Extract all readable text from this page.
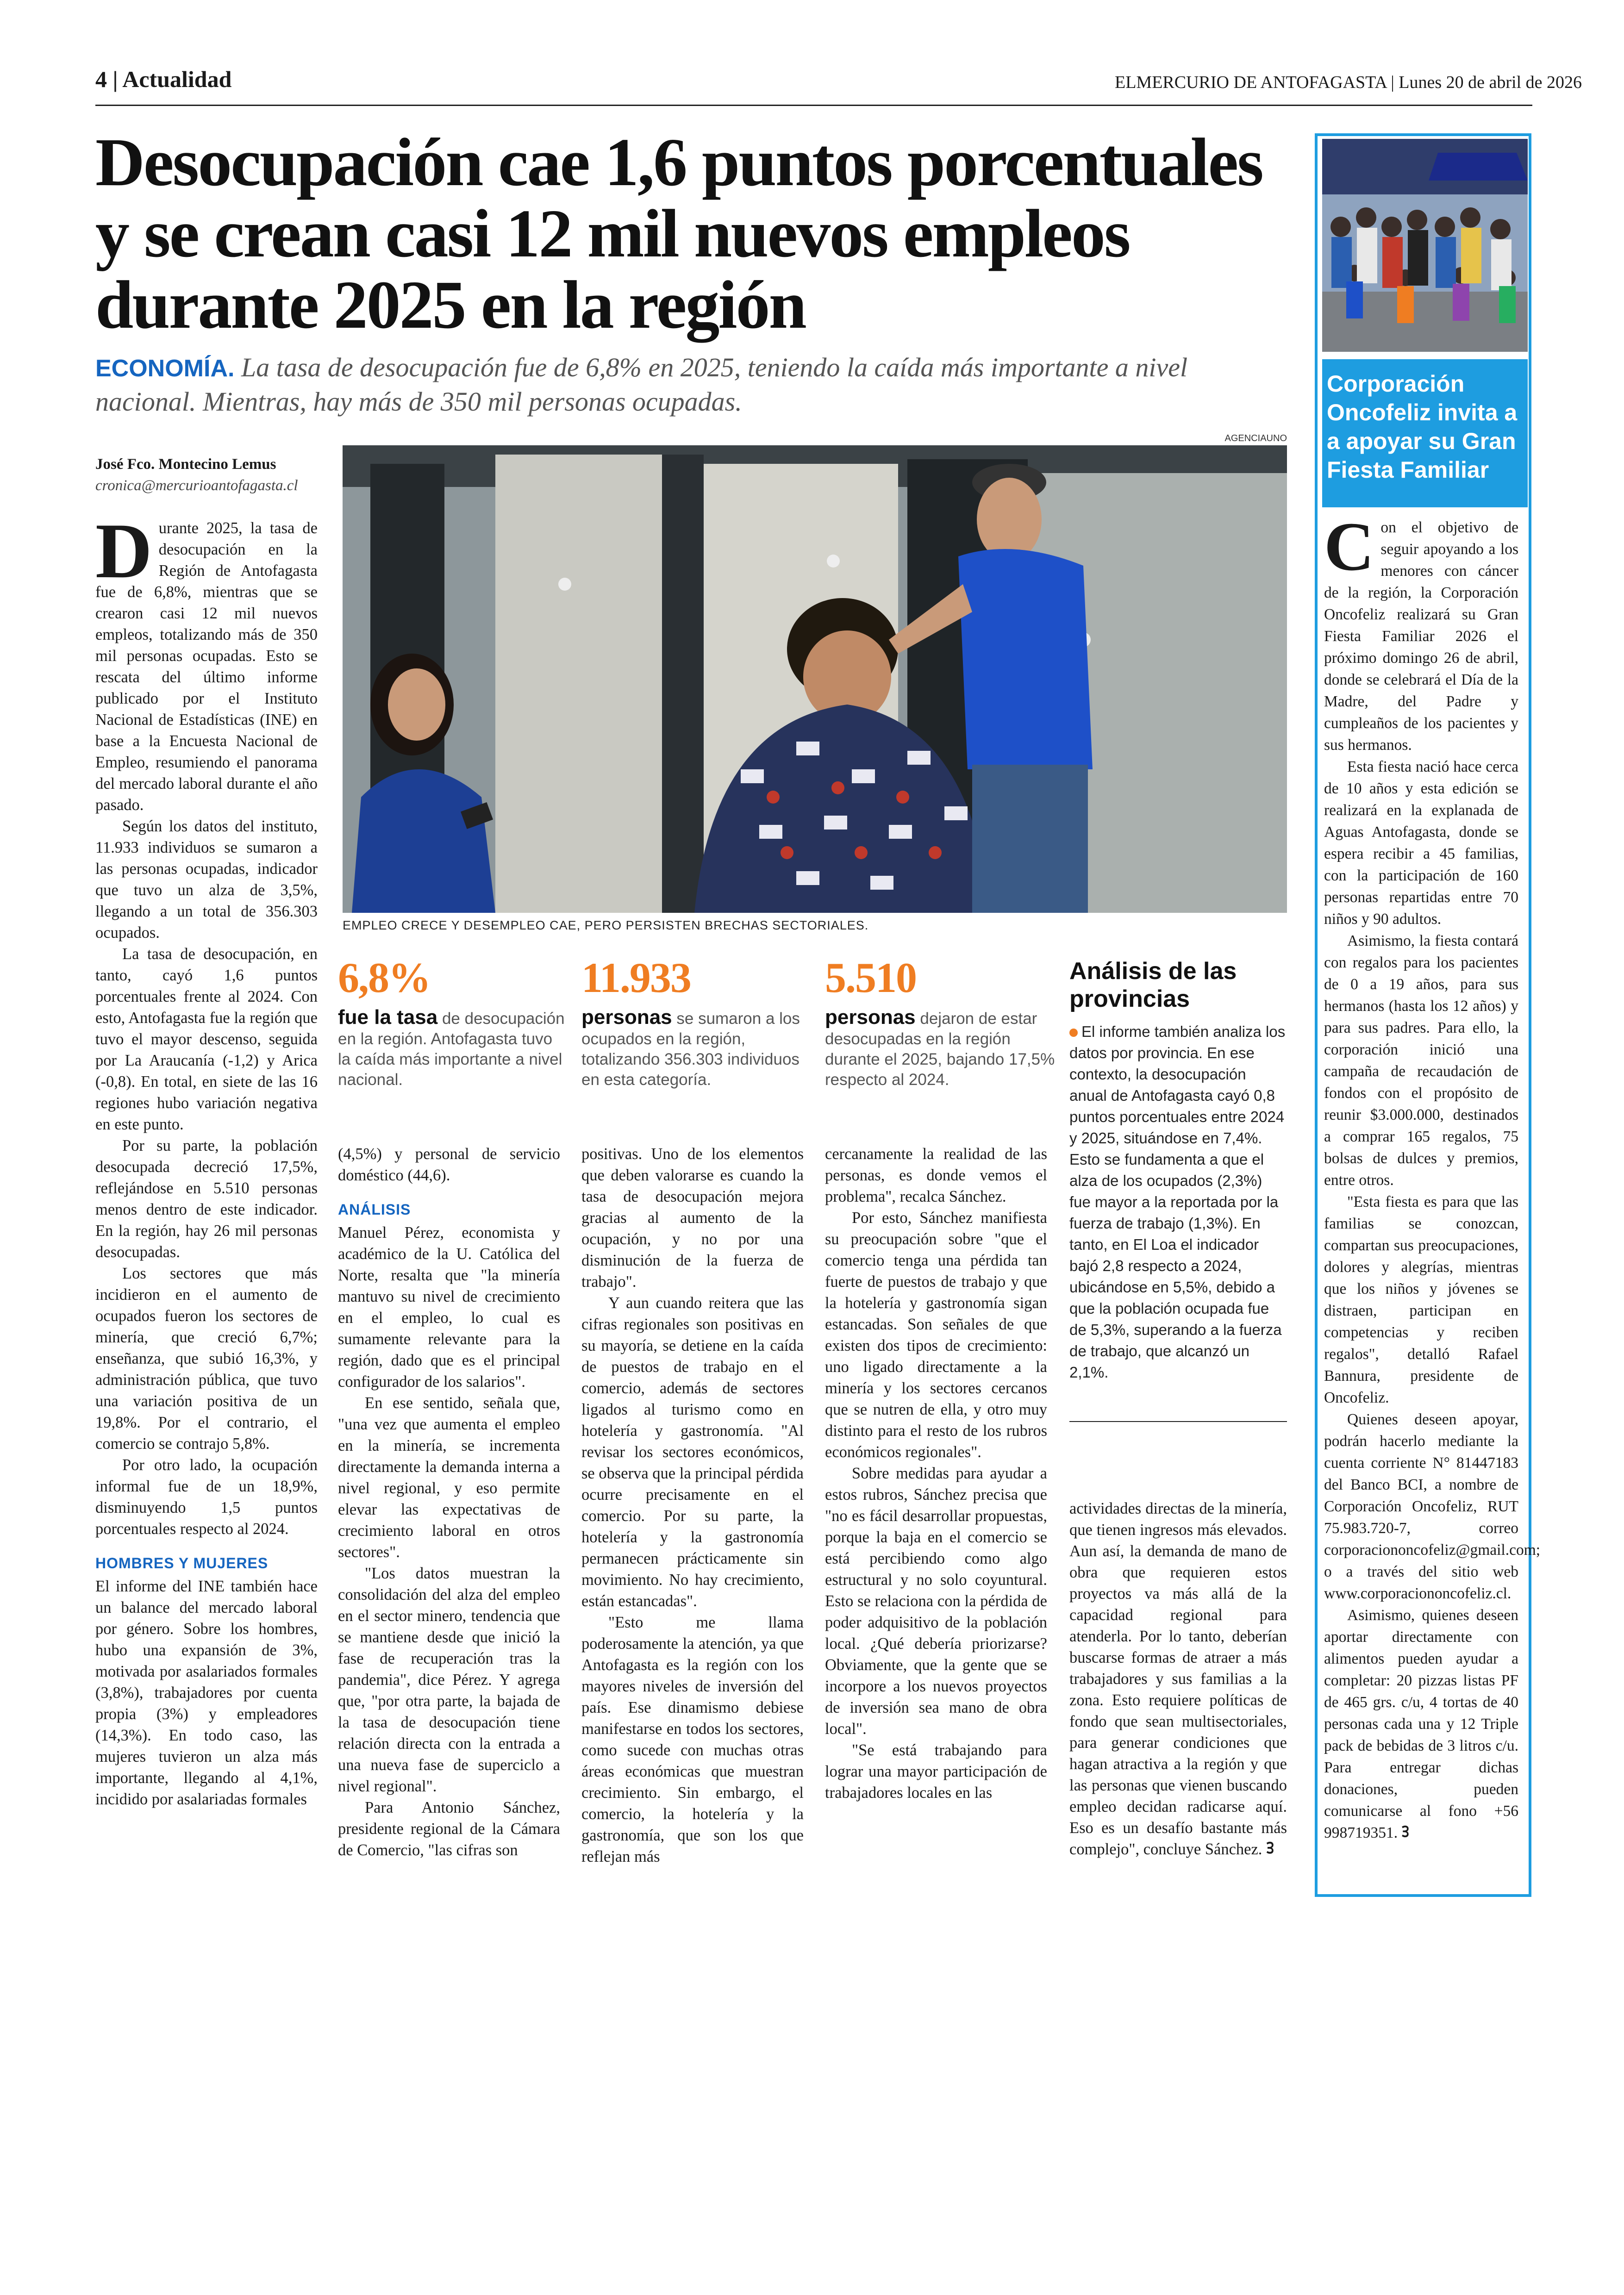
4 | Actualidad	ELMERCURIO DE ANTOFAGASTA | Lunes 20 de abril de 2026
Desocupación cae 1,6 puntos porcentuales y se crean casi 12 mil nuevos empleos durante 2025 en la región
ECONOMÍA. La tasa de desocupación fue de 6,8% en 2025, teniendo la caída más importante a nivel nacional. Mientras, hay más de 350 mil personas ocupadas.
José Fco. Montecino Lemus
cronica@mercurioantofagasta.cl
AGENCIAUNO
EMPLEO CRECE Y DESEMPLEO CAE, PERO PERSISTEN BRECHAS SECTORIALES.

Durante 2025, la tasa de desocupación en la Región de Antofagasta fue de 6,8%, mientras que se crearon casi 12 mil nuevos empleos, totalizando más de 350 mil personas ocupadas. Esto se rescata del último informe publicado por el Instituto Nacional de Estadísticas (INE) en base a la Encuesta Nacional de Empleo, resumiendo el panorama del mercado laboral durante el año pasado.

Según los datos del instituto, 11.933 individuos se sumaron a las personas ocupadas, indicador que tuvo un alza de 3,5%, llegando a un total de 356.303 ocupados.

La tasa de desocupación, en tanto, cayó 1,6 puntos porcentuales frente al 2024. Con esto, Antofagasta fue la región que tuvo el mayor descenso, seguida por La Araucanía (-1,2) y Arica (-0,8). En total, en siete de las 16 regiones hubo variación negativa en este punto.

Por su parte, la población desocupada decreció 17,5%, reflejándose en 5.510 personas menos dentro de este indicador. En la región, hay 26 mil personas desocupadas.

Los sectores que más incidieron en el aumento de ocupados fueron los sectores de minería, que creció 6,7%; enseñanza, que subió 16,3%, y administración pública, que tuvo una variación positiva de un 19,8%. Por el contrario, el comercio se contrajo 5,8%.

Por otro lado, la ocupación informal fue de un 18,9%, disminuyendo 1,5 puntos porcentuales respecto al 2024.

HOMBRES Y MUJERES

El informe del INE también hace un balance del mercado laboral por género. Sobre los hombres, hubo una expansión de 3%, motivada por asalariados formales (3,8%), trabajadores por cuenta propia (3%) y empleadores (14,3%). En todo caso, las mujeres tuvieron un alza más importante, llegando al 4,1%, incidido por asalariadas formales

6,8%
fue la tasa de desocupación en la región. Antofagasta tuvo la caída más importante a nivel nacional.
11.933
personas se sumaron a los ocupados en la región, totalizando 356.303 individuos en esta categoría.
5.510
personas dejaron de estar desocupadas en la región durante el 2025, bajando 17,5% respecto al 2024.
Análisis de las provincias
El informe también analiza los datos por provincia. En ese contexto, la desocupación anual de Antofagasta cayó 0,8 puntos porcentuales entre 2024 y 2025, situándose en 7,4%. Esto se fundamenta a que el alza de los ocupados (2,3%) fue mayor a la reportada por la fuerza de trabajo (1,3%). En tanto, en El Loa el indicador bajó 2,8 respecto a 2024, ubicándose en 5,5%, debido a que la población ocupada fue de 5,3%, superando a la fuerza de trabajo, que alcanzó un 2,1%.

(4,5%) y personal de servicio doméstico (44,6).

ANÁLISIS

Manuel Pérez, economista y académico de la U. Católica del Norte, resalta que "la minería mantuvo su nivel de crecimiento en el empleo, lo cual es sumamente relevante para la región, dado que es el principal configurador de los salarios".

En ese sentido, señala que, "una vez que aumenta el empleo en la minería, se incrementa directamente la demanda interna a nivel regional, y eso permite elevar las expectativas de crecimiento laboral en otros sectores".

"Los datos muestran la consolidación del alza del empleo en el sector minero, tendencia que se mantiene desde que inició la fase de recuperación tras la pandemia", dice Pérez. Y agrega que, "por otra parte, la bajada de la tasa de desocupación tiene relación directa con la entrada a una nueva fase de superciclo a nivel regional".

Para Antonio Sánchez, presidente regional de la Cámara de Comercio, "las cifras son

positivas. Uno de los elementos que deben valorarse es cuando la tasa de desocupación mejora gracias al aumento de la ocupación, y no por una disminución de la fuerza de trabajo".

Y aun cuando reitera que las cifras regionales son positivas en su mayoría, se detiene en la caída de puestos de trabajo en el comercio, además de sectores ligados al turismo como en hotelería y gastronomía. "Al revisar los sectores económicos, se observa que la principal pérdida ocurre precisamente en el comercio. Por su parte, la hotelería y la gastronomía permanecen prácticamente sin movimiento. No hay crecimiento, están estancadas".

"Esto me llama poderosamente la atención, ya que Antofagasta es la región con los mayores niveles de inversión del país. Ese dinamismo debiese manifestarse en todos los sectores, como sucede con muchas otras áreas económicas que muestran crecimiento. Sin embargo, el comercio, la hotelería y la gastronomía, que son los que reflejan más

cercanamente la realidad de las personas, es donde vemos el problema", recalca Sánchez.

Por esto, Sánchez manifiesta su preocupación sobre "que el comercio tenga una pérdida tan fuerte de puestos de trabajo y que la hotelería y gastronomía sigan estancadas. Son señales de que existen dos tipos de crecimiento: uno ligado directamente a la minería y los sectores cercanos que se nutren de ella, y otro muy distinto para el resto de los rubros económicos regionales".

Sobre medidas para ayudar a estos rubros, Sánchez precisa que "no es fácil desarrollar propuestas, porque la baja en el comercio se está percibiendo como algo estructural y no solo coyuntural. Esto se relaciona con la pérdida de poder adquisitivo de la población local. ¿Qué debería priorizarse? Obviamente, que la gente que se incorpore a los nuevos proyectos de inversión sea mano de obra local".

"Se está trabajando para lograr una mayor participación de trabajadores locales en las

actividades directas de la minería, que tienen ingresos más elevados. Aun así, la demanda de mano de obra que requieren estos proyectos va más allá de la capacidad regional para atenderla. Por lo tanto, deberían buscarse formas de atraer a más trabajadores y sus familias a la zona. Esto requiere políticas de fondo que sean multisectoriales, para generar condiciones que hagan atractiva a la región y que las personas que vienen buscando empleo decidan radicarse aquí. Eso es un desafío bastante más complejo", concluye Sánchez. ᢃ

Corporación Oncofeliz invita a a apoyar su Gran Fiesta Familiar

Con el objetivo de seguir apoyando a los menores con cáncer de la región, la Corporación Oncofeliz realizará su Gran Fiesta Familiar 2026 el próximo domingo 26 de abril, donde se celebrará el Día de la Madre, del Padre y cumpleaños de los pacientes y sus hermanos.

Esta fiesta nació hace cerca de 10 años y esta edición se realizará en la explanada de Aguas Antofagasta, donde se espera recibir a 45 familias, con la participación de 160 personas repartidas entre 70 niños y 90 adultos.

Asimismo, la fiesta contará con regalos para los pacientes de 0 a 19 años, para sus hermanos (hasta los 12 años) y para sus padres. Para ello, la corporación inició una campaña de recaudación de fondos con el propósito de reunir $3.000.000, destinados a comprar 165 regalos, 75 bolsas de dulces y premios, entre otros.

"Esta fiesta es para que las familias se conozcan, compartan sus preocupaciones, dolores y alegrías, mientras que los niños y jóvenes se distraen, participan en competencias y reciben regalos", detalló Rafael Bannura, presidente de Oncofeliz.

Quienes deseen apoyar, podrán hacerlo mediante la cuenta corriente N° 81447183 del Banco BCI, a nombre de Corporación Oncofeliz, RUT 75.983.720-7, correo corporaciononcofeliz@gmail.com; o a través del sitio web www.corporaciononcofeliz.cl.

Asimismo, quienes deseen aportar directamente con alimentos pueden ayudar a completar: 20 pizzas listas PF de 465 grs. c/u, 4 tortas de 40 personas cada una y 12 Triple pack de bebidas de 3 litros c/u. Para entregar dichas donaciones, pueden comunicarse al fono +56 998719351. ᢃ
